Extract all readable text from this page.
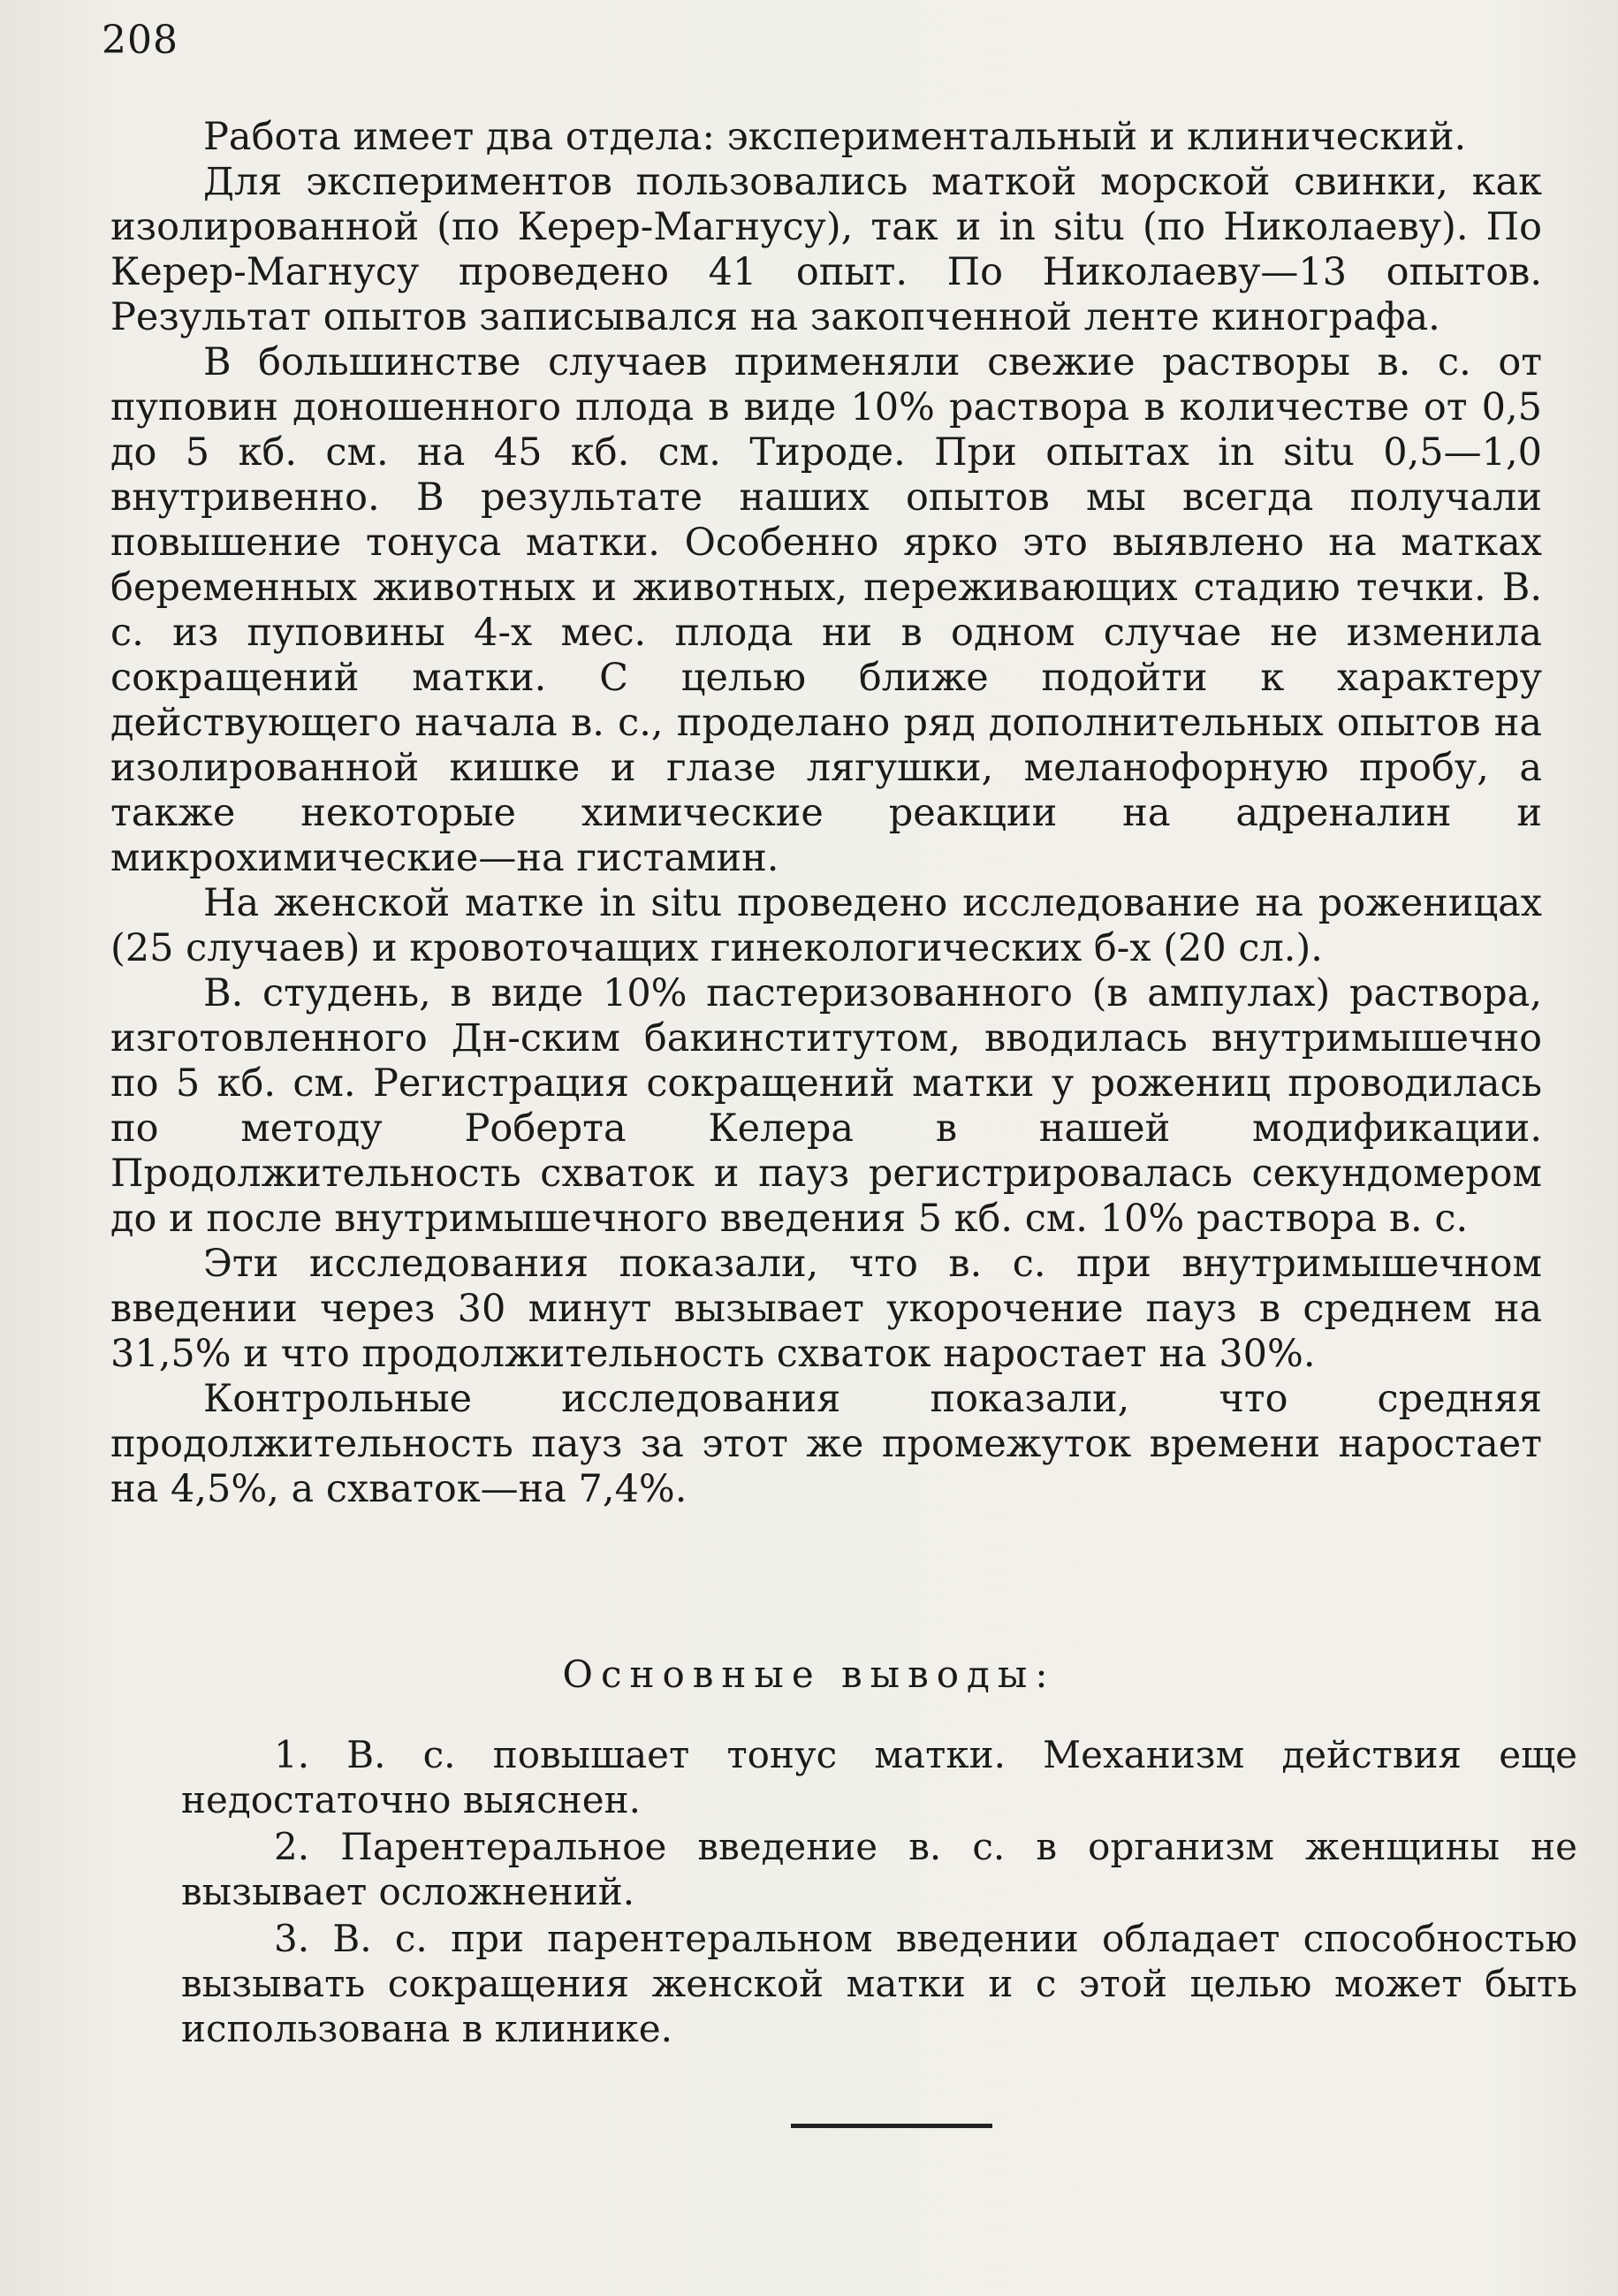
208

Работа имеет два отдела: экспериментальный и клинический.

Для экспериментов пользовались маткой морской свинки, как изолированной (по Керер-Магнусу), так и in situ (по Николаеву). По Керер-Магнусу проведено 41 опыт. По Николаеву—13 опытов. Результат опытов записывался на закопченной ленте кинографа.

В большинстве случаев применяли свежие растворы в. с. от пуповин доношенного плода в виде 10% раствора в количестве от 0,5 до 5 кб. см. на 45 кб. см. Тироде. При опытах in situ 0,5—1,0 внутривенно. В результате наших опытов мы всегда получали повышение тонуса матки. Особенно ярко это выявлено на матках беременных животных и животных, переживающих стадию течки. В. с. из пуповины 4-х мес. плода ни в одном случае не изменила сокращений матки. С целью ближе подойти к характеру действующего начала в. с., проделано ряд дополнительных опытов на изолированной кишке и глазе лягушки, меланофорную пробу, а также некоторые химические реакции на адреналин и микрохимические—на гистамин.

На женской матке in situ проведено исследование на роженицах (25 случаев) и кровоточащих гинекологических б-х (20 сл.).

В. студень, в виде 10% пастеризованного (в ампулах) раствора, изготовленного Дн-ским бакинститутом, вводилась внутримышечно по 5 кб. см. Регистрация сокращений матки у рожениц проводилась по методу Роберта Келера в нашей модификации. Продолжительность схваток и пауз регистрировалась секундомером до и после внутримышечного введения 5 кб. см. 10% раствора в. с.

Эти исследования показали, что в. с. при внутримышечном введении через 30 минут вызывает укорочение пауз в среднем на 31,5% и что продолжительность схваток наростает на 30%.

Контрольные исследования показали, что средняя продолжительность пауз за этот же промежуток времени наростает на 4,5%, а схваток—на 7,4%.

Основные выводы:

1. В. с. повышает тонус матки. Механизм действия еще недостаточно выяснен.

2. Парентеральное введение в. с. в организм женщины не вызывает осложнений.

3. В. с. при парентеральном введении обладает способностью вызывать сокращения женской матки и с этой целью может быть использована в клинике.
